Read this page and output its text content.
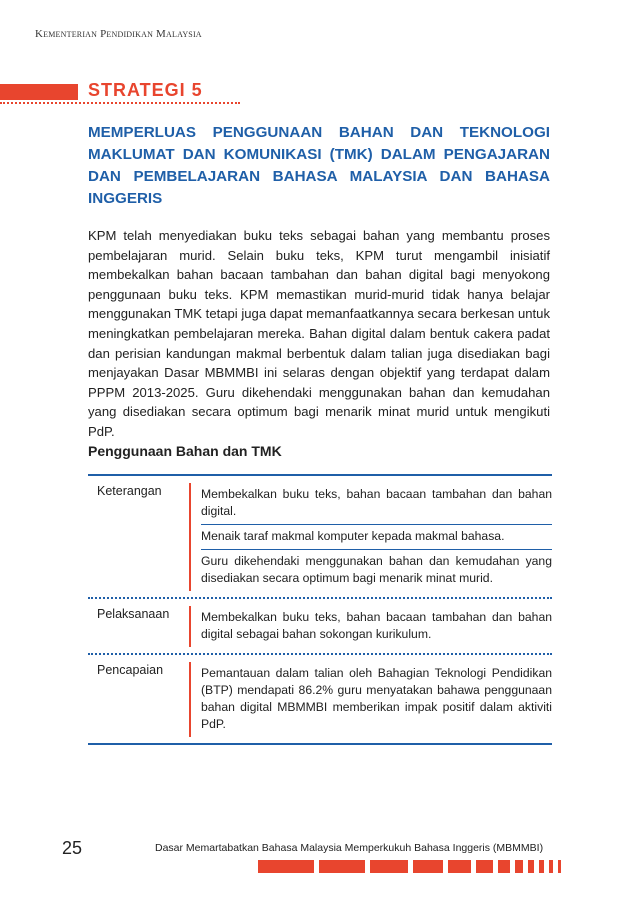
Kementerian Pendidikan Malaysia
STRATEGI 5
MEMPERLUAS PENGGUNAAN BAHAN DAN TEKNOLOGI MAKLUMAT DAN KOMUNIKASI (TMK) DALAM PENGAJARAN DAN PEMBELAJARAN BAHASA MALAYSIA DAN BAHASA INGGERIS
KPM telah menyediakan buku teks sebagai bahan yang membantu proses pembelajaran murid. Selain buku teks, KPM turut mengambil inisiatif membekalkan bahan bacaan tambahan dan bahan digital bagi menyokong penggunaan buku teks. KPM memastikan murid-murid tidak hanya belajar menggunakan TMK tetapi juga dapat memanfaatkannya secara berkesan untuk meningkatkan pembelajaran mereka. Bahan digital dalam bentuk cakera padat dan perisian kandungan makmal berbentuk dalam talian juga disediakan bagi menjayakan Dasar MBMMBI ini selaras dengan objektif yang terdapat dalam PPPM 2013-2025. Guru dikehendaki menggunakan bahan dan kemudahan yang disediakan secara optimum bagi menarik minat murid untuk mengikuti PdP.
Penggunaan Bahan dan TMK
Keterangan	Membekalkan buku teks, bahan bacaan tambahan dan bahan digital.
Menaik taraf makmal komputer kepada makmal bahasa.
Guru dikehendaki menggunakan bahan dan kemudahan yang disediakan secara optimum bagi menarik minat murid.
Pelaksanaan	Membekalkan buku teks, bahan bacaan tambahan dan bahan digital sebagai bahan sokongan kurikulum.
Pencapaian	Pemantauan dalam talian oleh Bahagian Teknologi Pendidikan (BTP) mendapati 86.2% guru menyatakan bahawa penggunaan bahan digital MBMMBI memberikan impak positif dalam aktiviti PdP.
25	Dasar Memartabatkan Bahasa Malaysia Memperkukuh Bahasa Inggeris (MBMMBI)
